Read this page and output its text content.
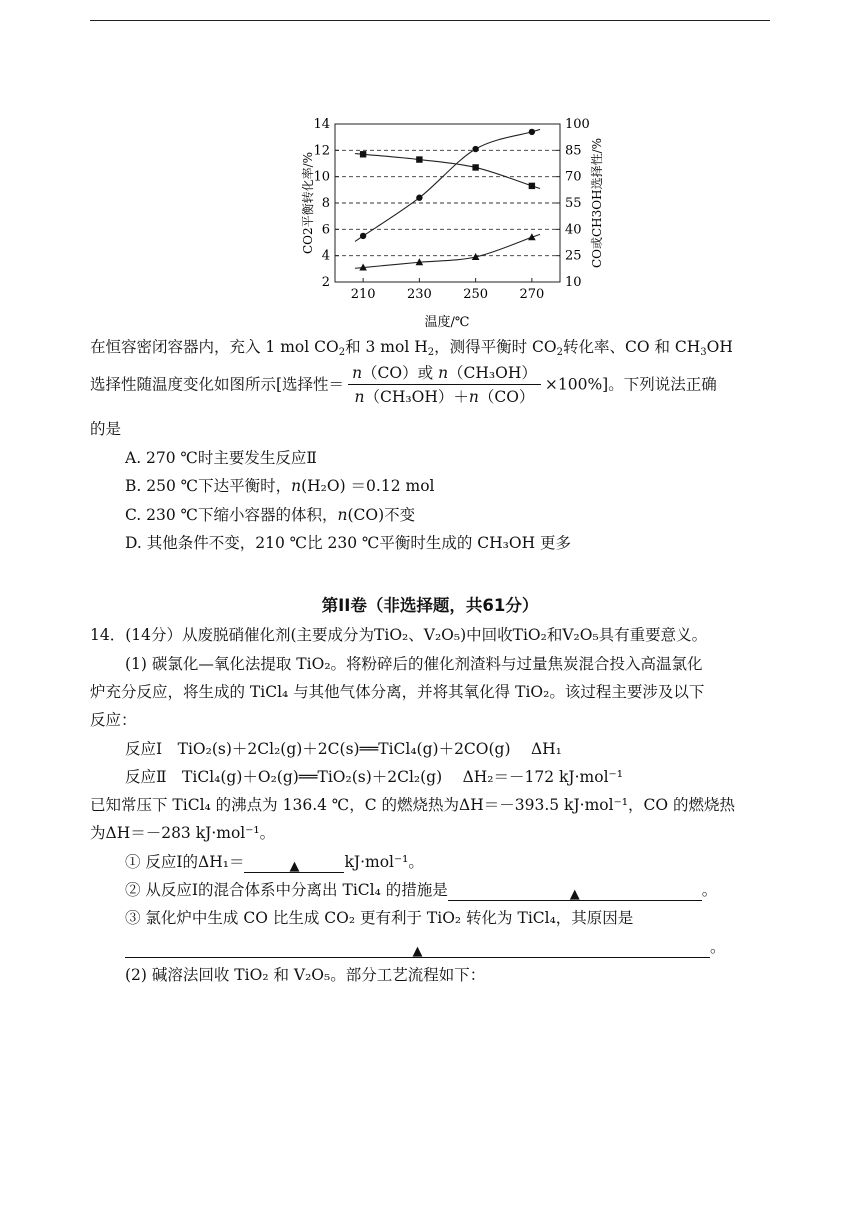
2	10
4	25
6	40
8	55
10	70
12	85
14	100
210 230 250 270
温度/℃
CO2平衡转化率/%	CO或CH3OH选择性/%
在恒容密闭容器内，充入 1 mol $CO_2$和 3 mol $H_2$，测得平衡时 $CO_2$转化率、CO 和 $CH_3OH$
选择性随温度变化如图所示[选择性＝ $\frac{\text{n（CO）或 n（CH₃OH）}}{\text{n（CH₃OH）＋n（CO）}} \times 100\%$]。下列说法正确
的是
A. 270 ℃时主要发生反应Ⅱ
B. 250 ℃下达平衡时，n(H₂O) ＝0.12 mol
C. 230 ℃下缩小容器的体积，n(CO)不变
D. 其他条件不变，210 ℃比 230 ℃平衡时生成的 CH₃OH 更多
第II卷（非选择题，共61分）
14．(14分）从废脱硝催化剂(主要成分为TiO₂、V₂O₅)中回收TiO₂和V₂O₅具有重要意义。
(1) 碳氯化—氧化法提取 TiO₂。将粉碎后的催化剂渣料与过量焦炭混合投入高温氯化
炉充分反应，将生成的 TiCl₄ 与其他气体分离，并将其氧化得 TiO₂。该过程主要涉及以下
反应：
反应Ⅰ　TiO₂(s)＋2Cl₂(g)＋2C(s)══TiCl₄(g)＋2CO(g)　 ΔH₁
反应Ⅱ　TiCl₄(g)＋O₂(g)══TiO₂(s)＋2Cl₂(g)　 ΔH₂＝－172 kJ·mol⁻¹
已知常压下 TiCl₄ 的沸点为 136.4 ℃，C 的燃烧热为ΔH＝－393.5 kJ·mol⁻¹，CO 的燃烧热
为ΔH＝－283 kJ·mol⁻¹。
① 反应Ⅰ的ΔH₁＝	▲	kJ·mol⁻¹。
② 从反应Ⅰ的混合体系中分离出 TiCl₄ 的措施是	▲	。
③ 氯化炉中生成 CO 比生成 CO₂ 更有利于 TiO₂ 转化为 TiCl₄，其原因是
▲	。
(2) 碱溶法回收 TiO₂ 和 V₂O₅。部分工艺流程如下：
